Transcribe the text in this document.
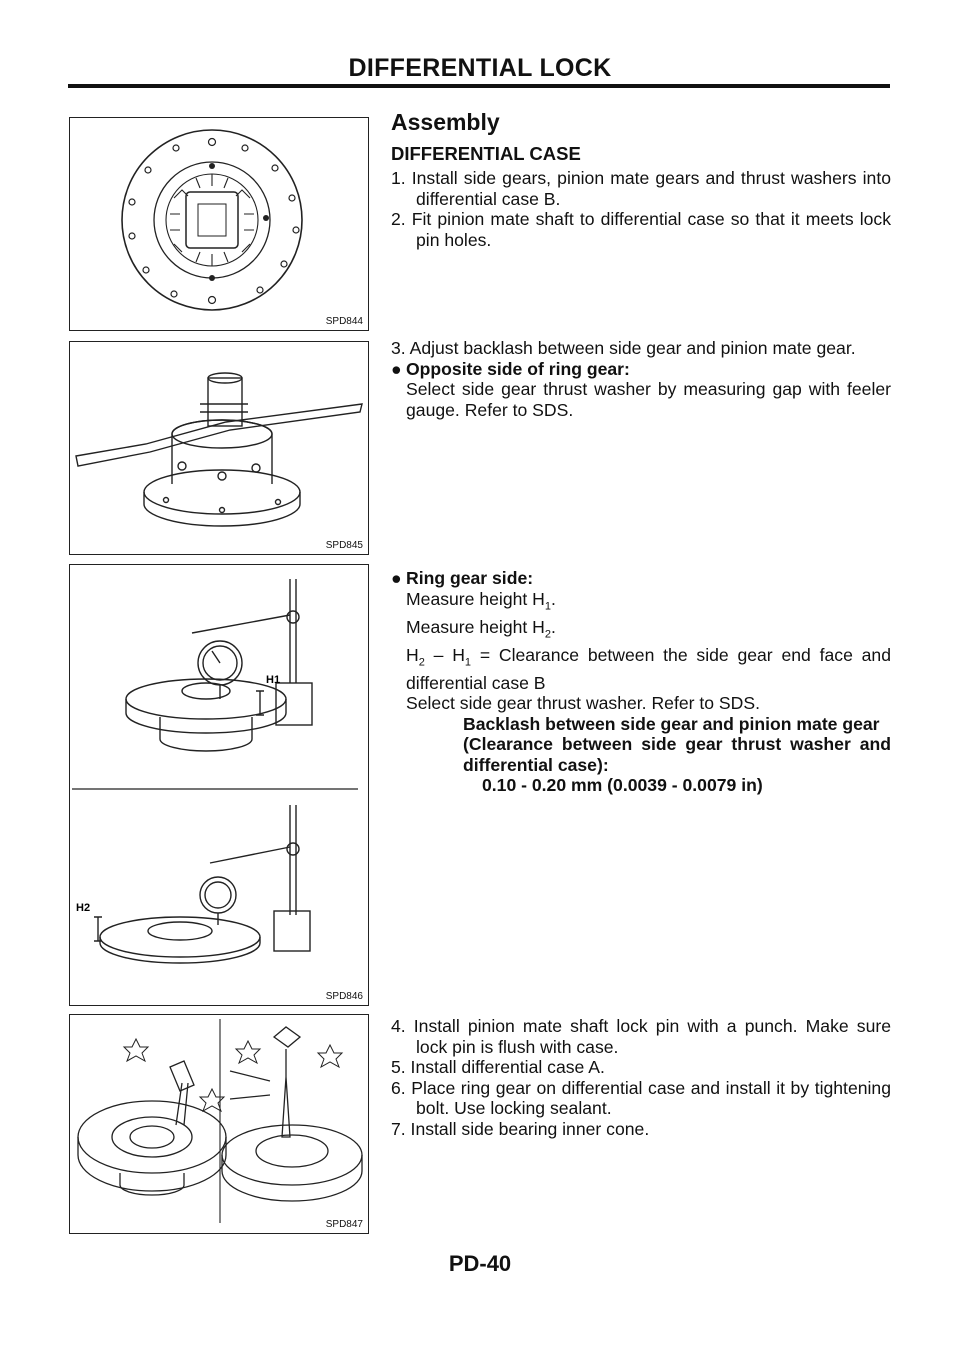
DIFFERENTIAL LOCK
SPD844
SPD845
H1
H2
SPD846
SPD847

Assembly

DIFFERENTIAL CASE

1. Install side gears, pinion mate gears and thrust washers into differential case B.

2. Fit pinion mate shaft to differential case so that it meets lock pin holes.

3. Adjust backlash between side gear and pinion mate gear.

● Opposite side of ring gear:
Select side gear thrust washer by measuring gap with feeler gauge. Refer to SDS.
● Ring gear side:
Measure height $H_1$.
Measure height $H_2$.
$H_2 - H_1$ = Clearance between the side gear end face and differential case B
Select side gear thrust washer. Refer to SDS.
Backlash between side gear and pinion mate gear
(Clearance between side gear thrust washer and differential case):
0.10 - 0.20 mm (0.0039 - 0.0079 in)

4. Install pinion mate shaft lock pin with a punch. Make sure lock pin is flush with case.

5. Install differential case A.

6. Place ring gear on differential case and install it by tightening bolt. Use locking sealant.

7. Install side bearing inner cone.

PD-40
